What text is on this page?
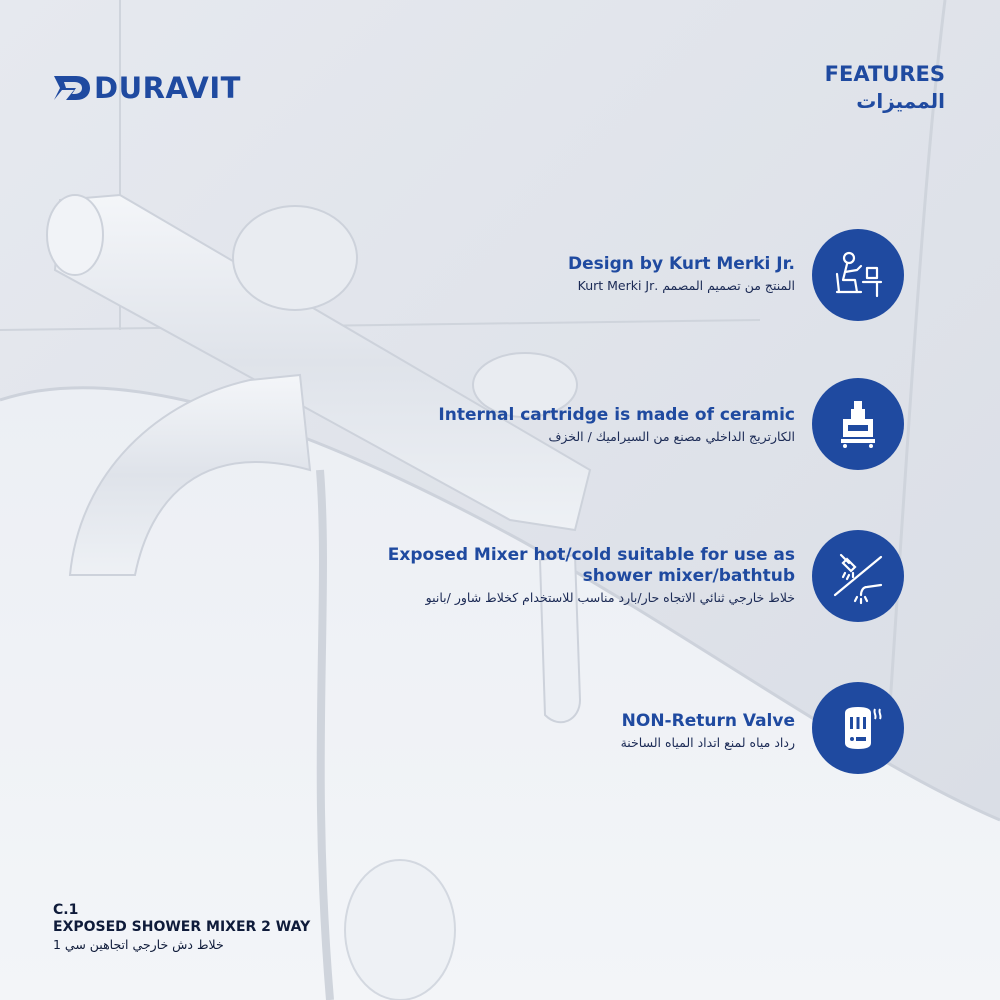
DURAVIT	FEATURES
المميزات
Design by Kurt Merki Jr.
المنتج من تصميم المصمم .Kurt Merki Jr
Internal cartridge is made of ceramic
الكارتريج الداخلي مصنع من السيراميك / الخزف
Exposed Mixer hot/cold suitable for use as
shower mixer/bathtub
خلاط خارجي ثنائي الاتجاه حار/بارد مناسب للاستخدام كخلاط شاور /بانيو
NON-Return Valve
رداد مياه لمنع اتداد المياه الساخنة
C.1
EXPOSED SHOWER MIXER 2 WAY
خلاط دش خارجي اتجاهين سي 1
